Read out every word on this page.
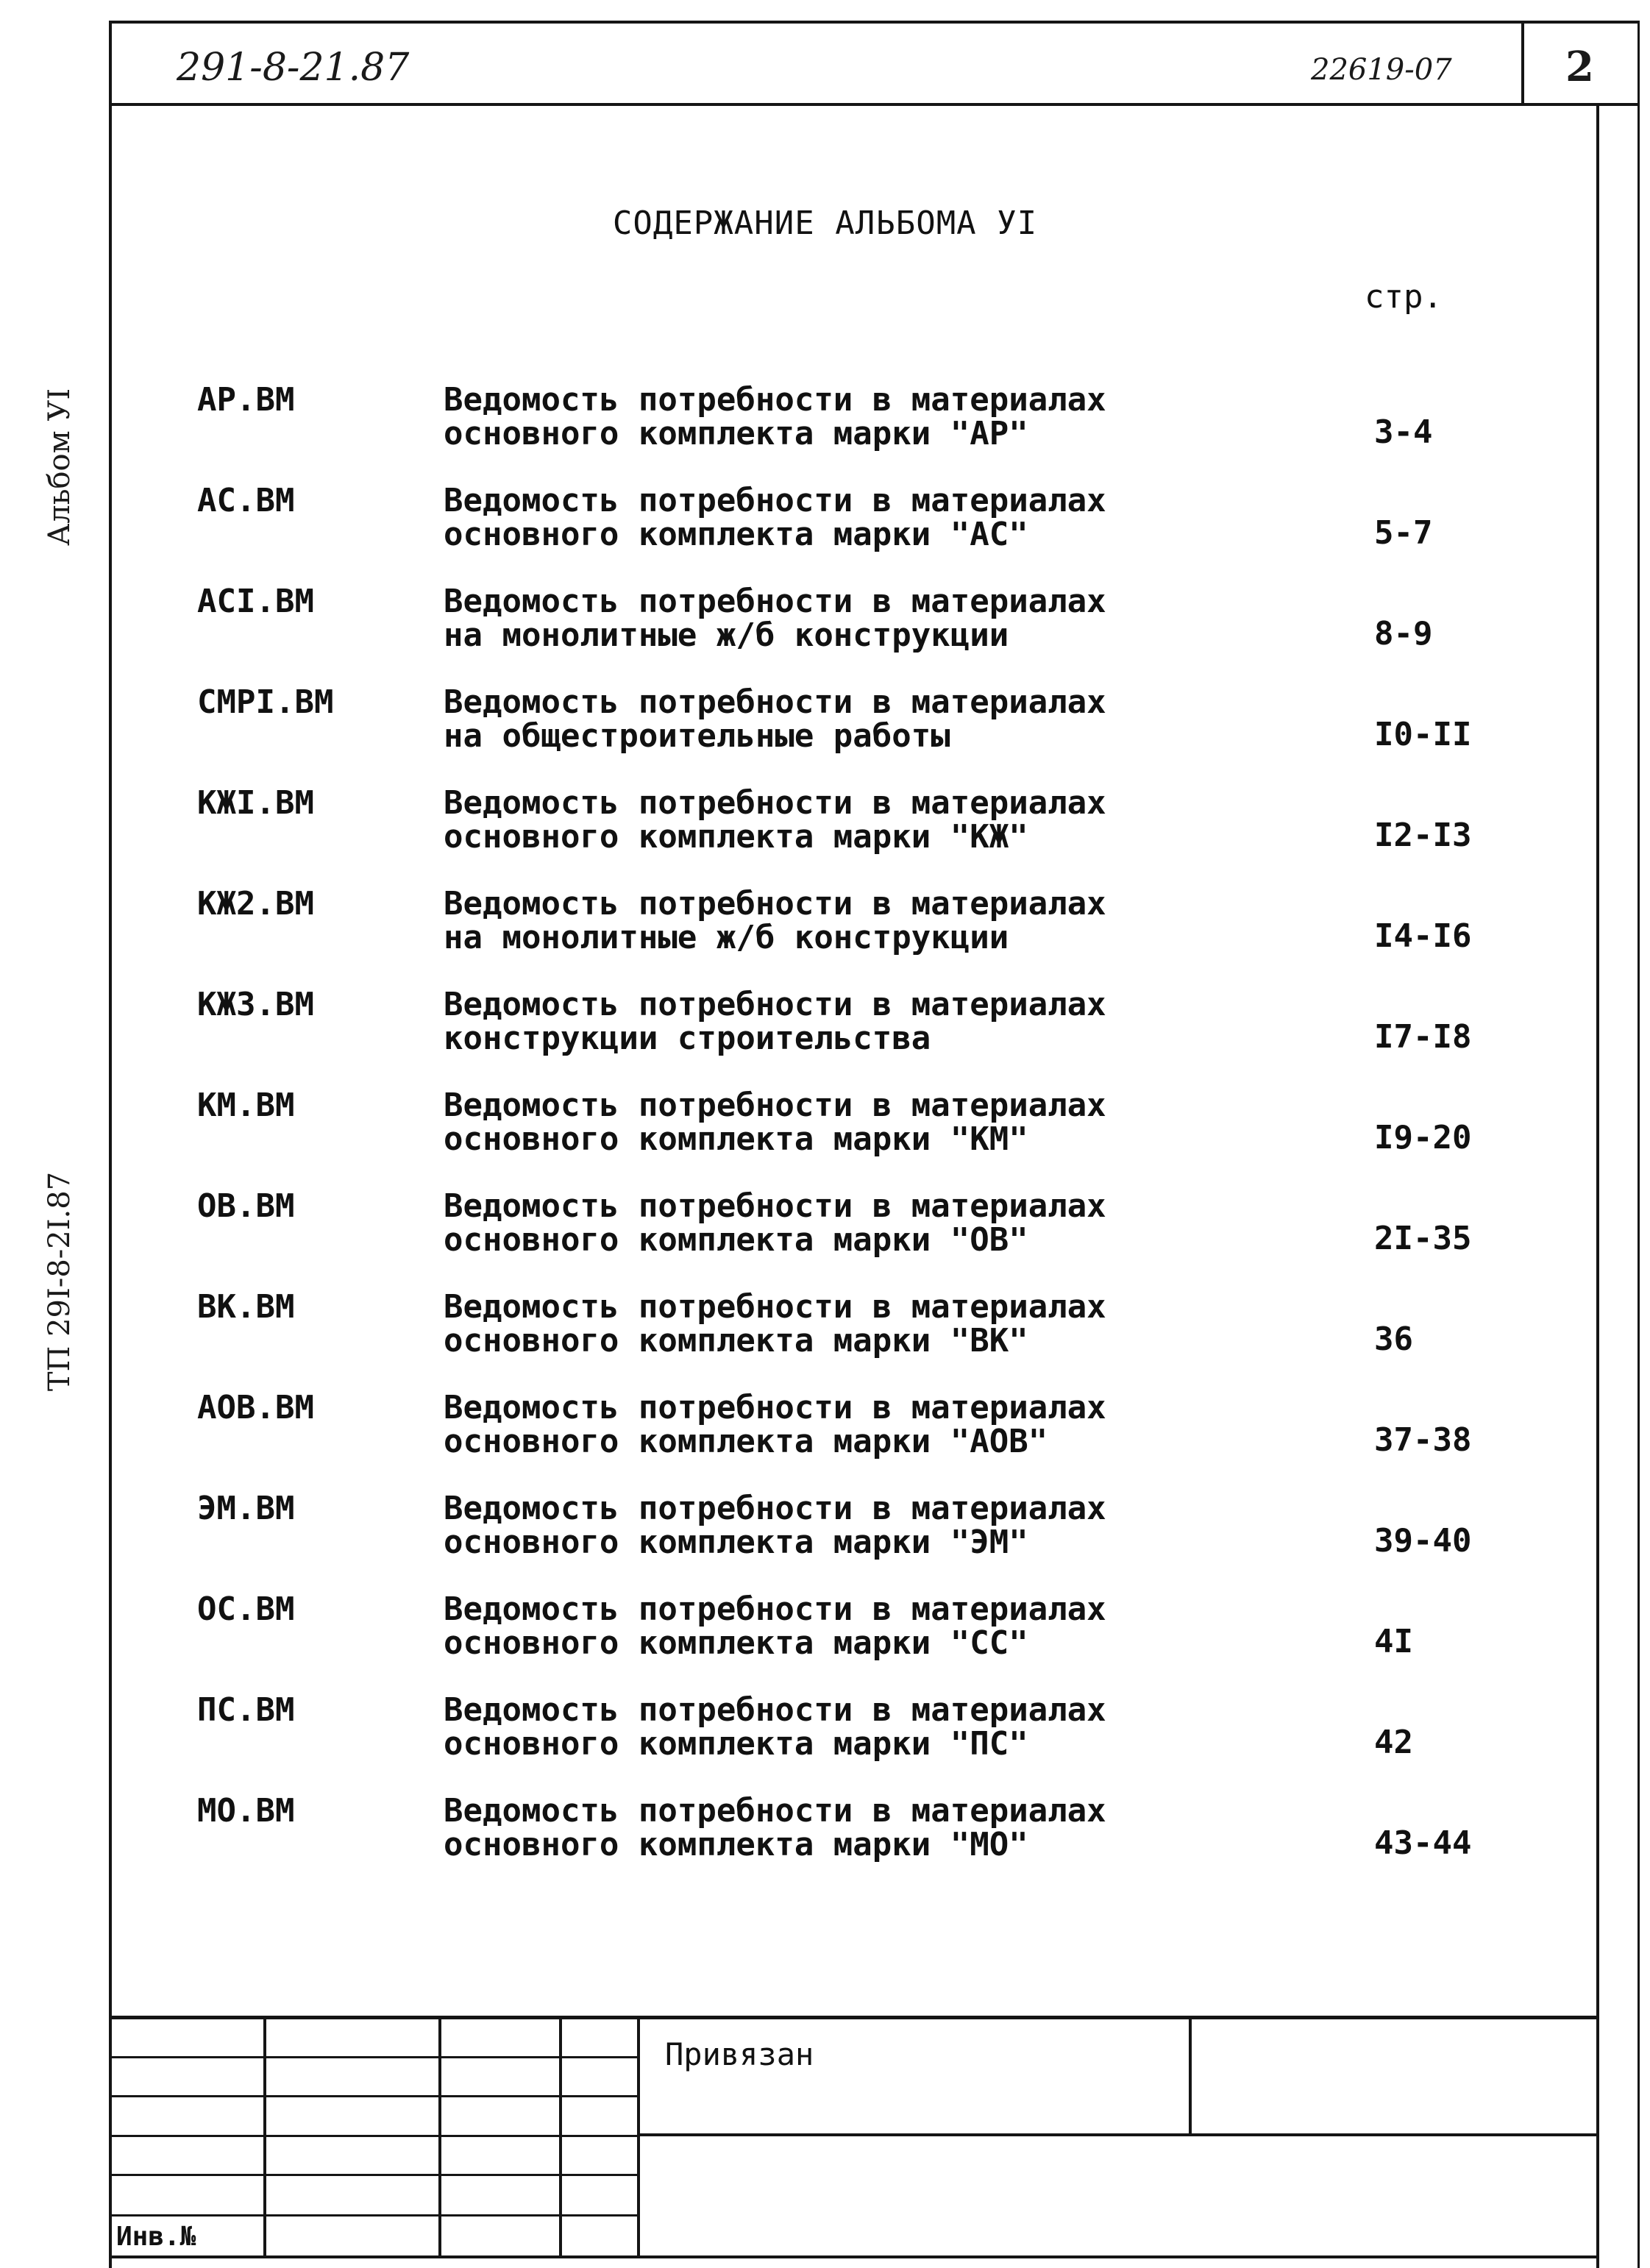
291-8-21.87	22619-07	2
Альбом УI
ТП 29I-8-2I.87
СОДЕРЖАНИЕ АЛЬБОМА УI
стр.
АР.ВМ	Ведомость потребности в материалах
основного комплекта марки "АР"	3-4
АС.ВМ	Ведомость потребности в материалах
основного комплекта марки "АС"	5-7
АСI.ВМ	Ведомость потребности в материалах
на монолитные ж/б конструкции	8-9
СМРI.ВМ	Ведомость потребности в материалах
на общестроительные работы	I0-II
КЖI.ВМ	Ведомость потребности в материалах
основного комплекта марки "КЖ"	I2-I3
КЖ2.ВМ	Ведомость потребности в материалах
на монолитные ж/б конструкции	I4-I6
КЖ3.ВМ	Ведомость потребности в материалах
конструкции строительства	I7-I8
КМ.ВМ	Ведомость потребности в материалах
основного комплекта марки "КМ"	I9-20
ОВ.ВМ	Ведомость потребности в материалах
основного комплекта марки "ОВ"	2I-35
ВК.ВМ	Ведомость потребности в материалах
основного комплекта марки "ВК"	36
АОВ.ВМ	Ведомость потребности в материалах
основного комплекта марки "АОВ"	37-38
ЭМ.ВМ	Ведомость потребности в материалах
основного комплекта марки "ЭМ"	39-40
ОС.ВМ	Ведомость потребности в материалах
основного комплекта марки "СС"	4I
ПС.ВМ	Ведомость потребности в материалах
основного комплекта марки "ПС"	42
МО.ВМ	Ведомость потребности в материалах
основного комплекта марки "МО"	43-44
Привязан
Инв.№
